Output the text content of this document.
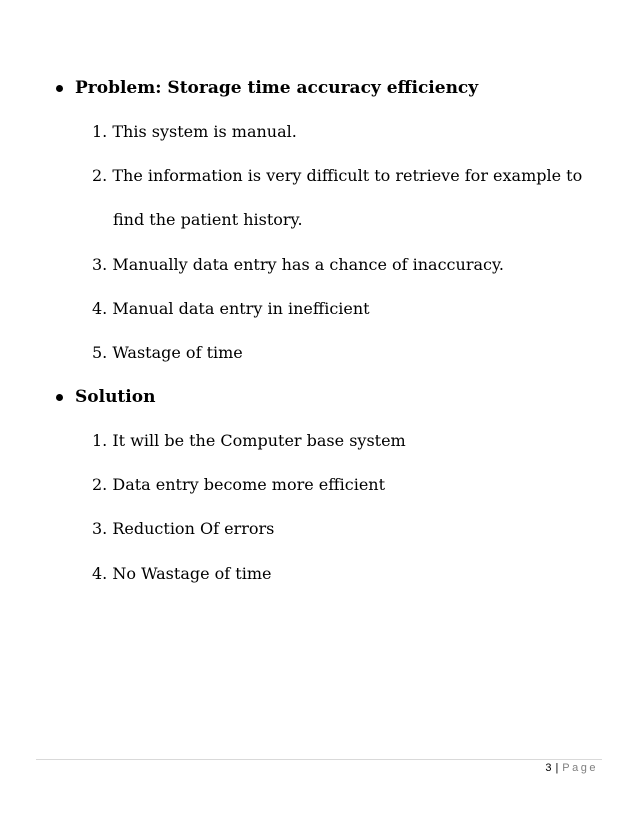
Problem: Storage time accuracy efficiency
1. This system is manual.
2. The information is very difficult to retrieve for example to
find the patient history.
3. Manually data entry has a chance of inaccuracy.
4. Manual data entry in inefficient
5. Wastage of time
Solution
1. It will be the Computer base system
2. Data entry become more efficient
3. Reduction Of errors
4. No Wastage of time
3 | Page
